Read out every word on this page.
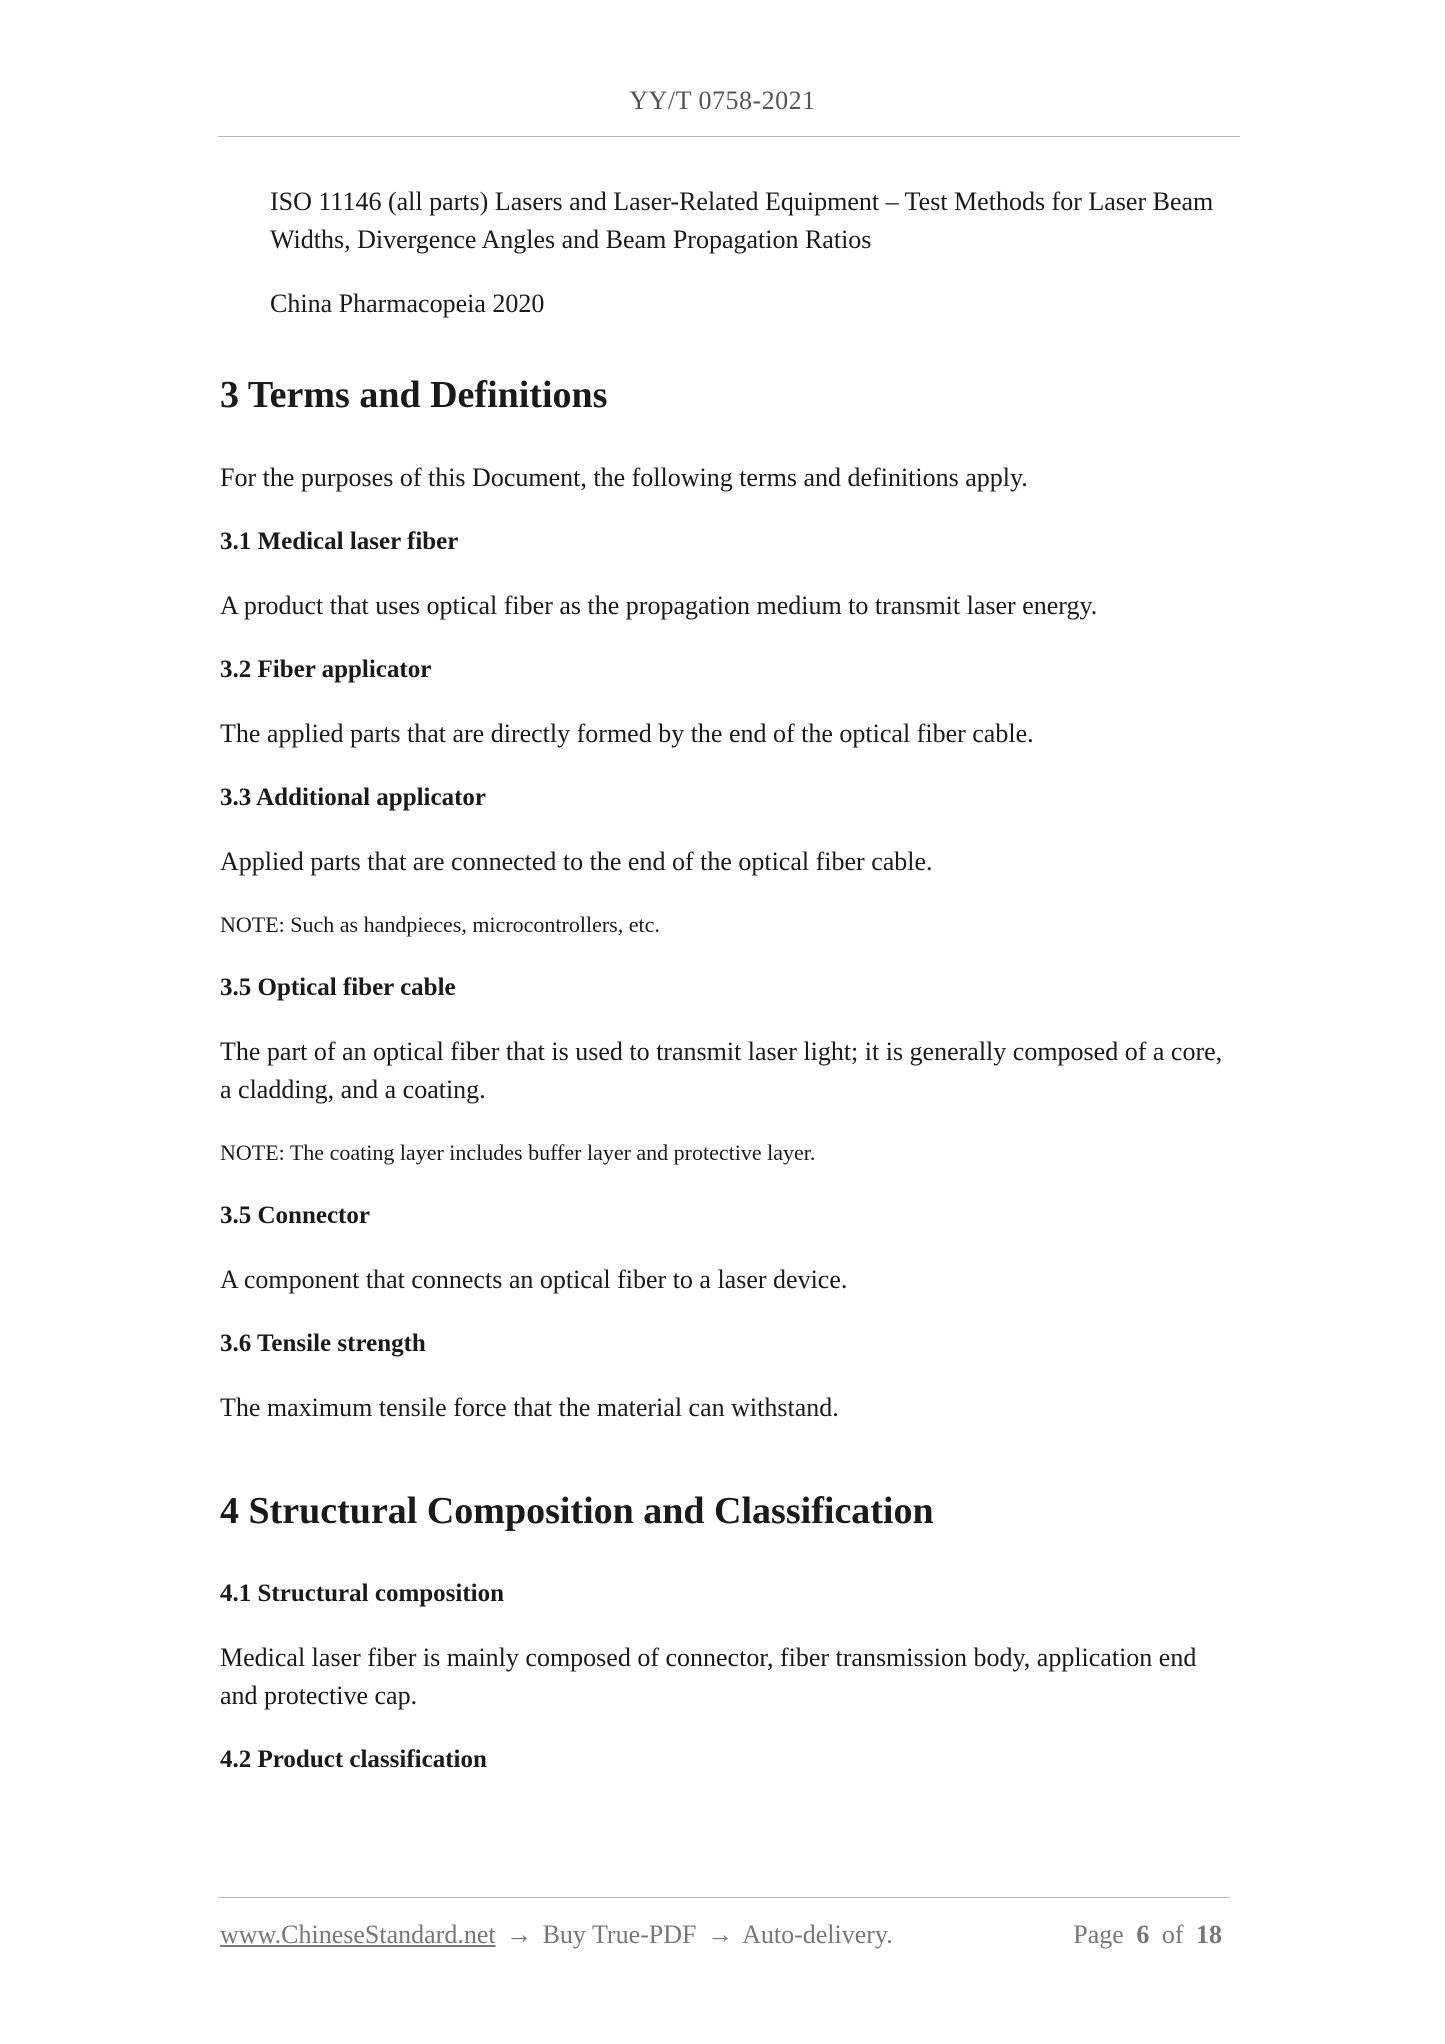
YY/T 0758-2021

ISO 11146 (all parts) Lasers and Laser-Related Equipment – Test Methods for Laser Beam Widths, Divergence Angles and Beam Propagation Ratios

China Pharmacopeia 2020

3 Terms and Definitions

For the purposes of this Document, the following terms and definitions apply.

3.1 Medical laser fiber

A product that uses optical fiber as the propagation medium to transmit laser energy.

3.2 Fiber applicator

The applied parts that are directly formed by the end of the optical fiber cable.

3.3 Additional applicator

Applied parts that are connected to the end of the optical fiber cable.

NOTE: Such as handpieces, microcontrollers, etc.

3.5 Optical fiber cable

The part of an optical fiber that is used to transmit laser light; it is generally composed of a core, a cladding, and a coating.

NOTE: The coating layer includes buffer layer and protective layer.

3.5 Connector

A component that connects an optical fiber to a laser device.

3.6 Tensile strength

The maximum tensile force that the material can withstand.

4 Structural Composition and Classification
4.1 Structural composition

Medical laser fiber is mainly composed of connector, fiber transmission body, application end and protective cap.

4.2 Product classification
www.ChineseStandard.net → Buy True-PDF → Auto-delivery.	Page 6 of 18
